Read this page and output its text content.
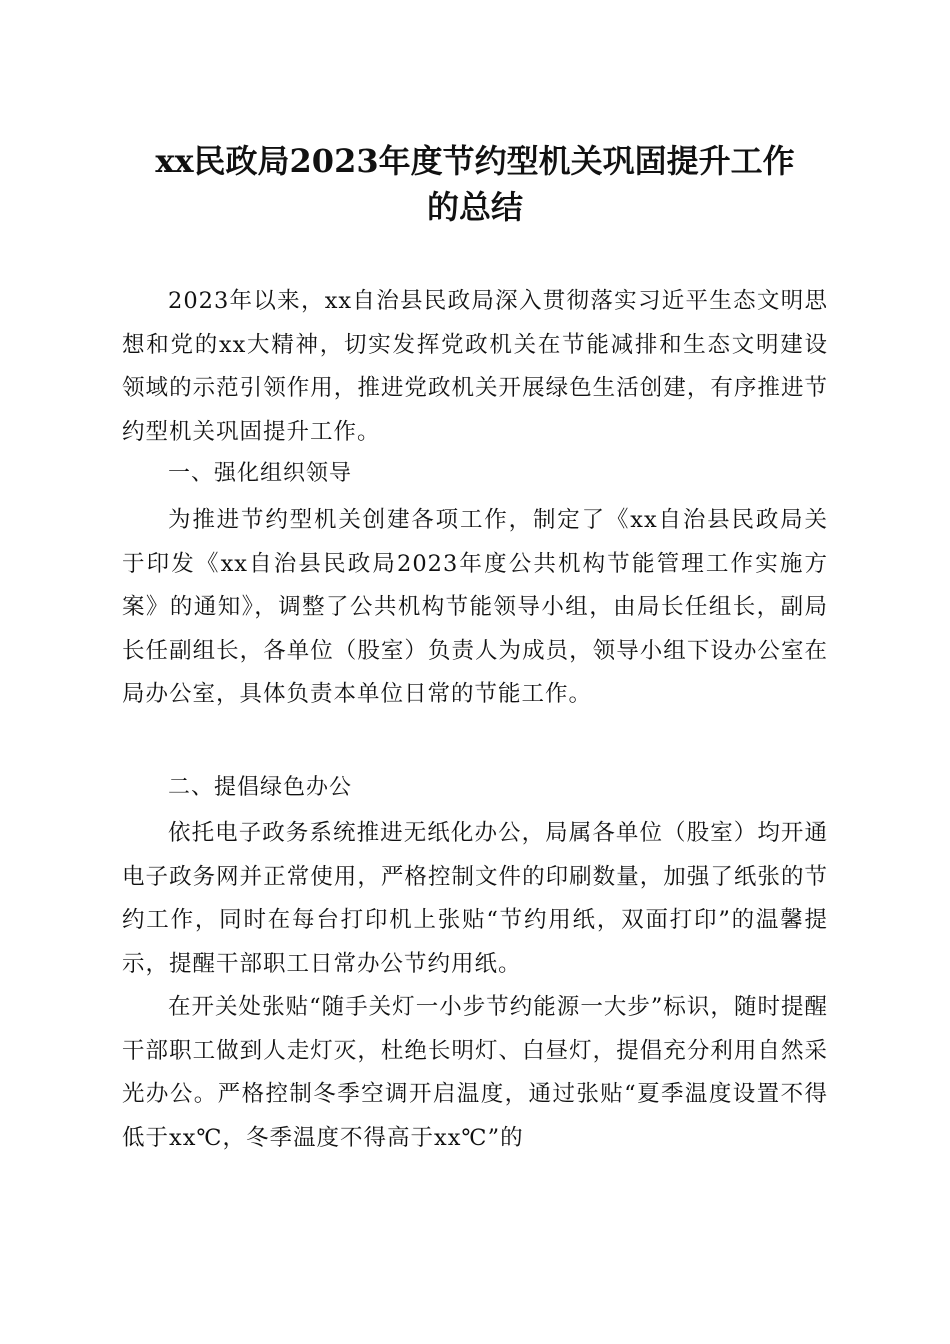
xx民政局2023年度节约型机关巩固提升工作
的总结
2023年以来，xx自治县民政局深入贯彻落实习近平生态文明思想和党的xx大精神，切实发挥党政机关在节能减排和生态文明建设领域的示范引领作用，推进党政机关开展绿色生活创建，有序推进节约型机关巩固提升工作。
一、强化组织领导
为推进节约型机关创建各项工作，制定了《xx自治县民政局关于印发《xx自治县民政局2023年度公共机构节能管理工作实施方案》的通知》，调整了公共机构节能领导小组，由局长任组长，副局长任副组长，各单位（股室）负责人为成员，领导小组下设办公室在局办公室，具体负责本单位日常的节能工作。
二、提倡绿色办公
依托电子政务系统推进无纸化办公，局属各单位（股室）均开通电子政务网并正常使用，严格控制文件的印刷数量，加强了纸张的节约工作，同时在每台打印机上张贴“节约用纸，双面打印”的温馨提示，提醒干部职工日常办公节约用纸。
在开关处张贴“随手关灯一小步节约能源一大步”标识，随时提醒干部职工做到人走灯灭，杜绝长明灯、白昼灯，提倡充分利用自然采光办公。严格控制冬季空调开启温度，通过张贴“夏季温度设置不得低于xx℃，冬季温度不得高于xx℃”的
